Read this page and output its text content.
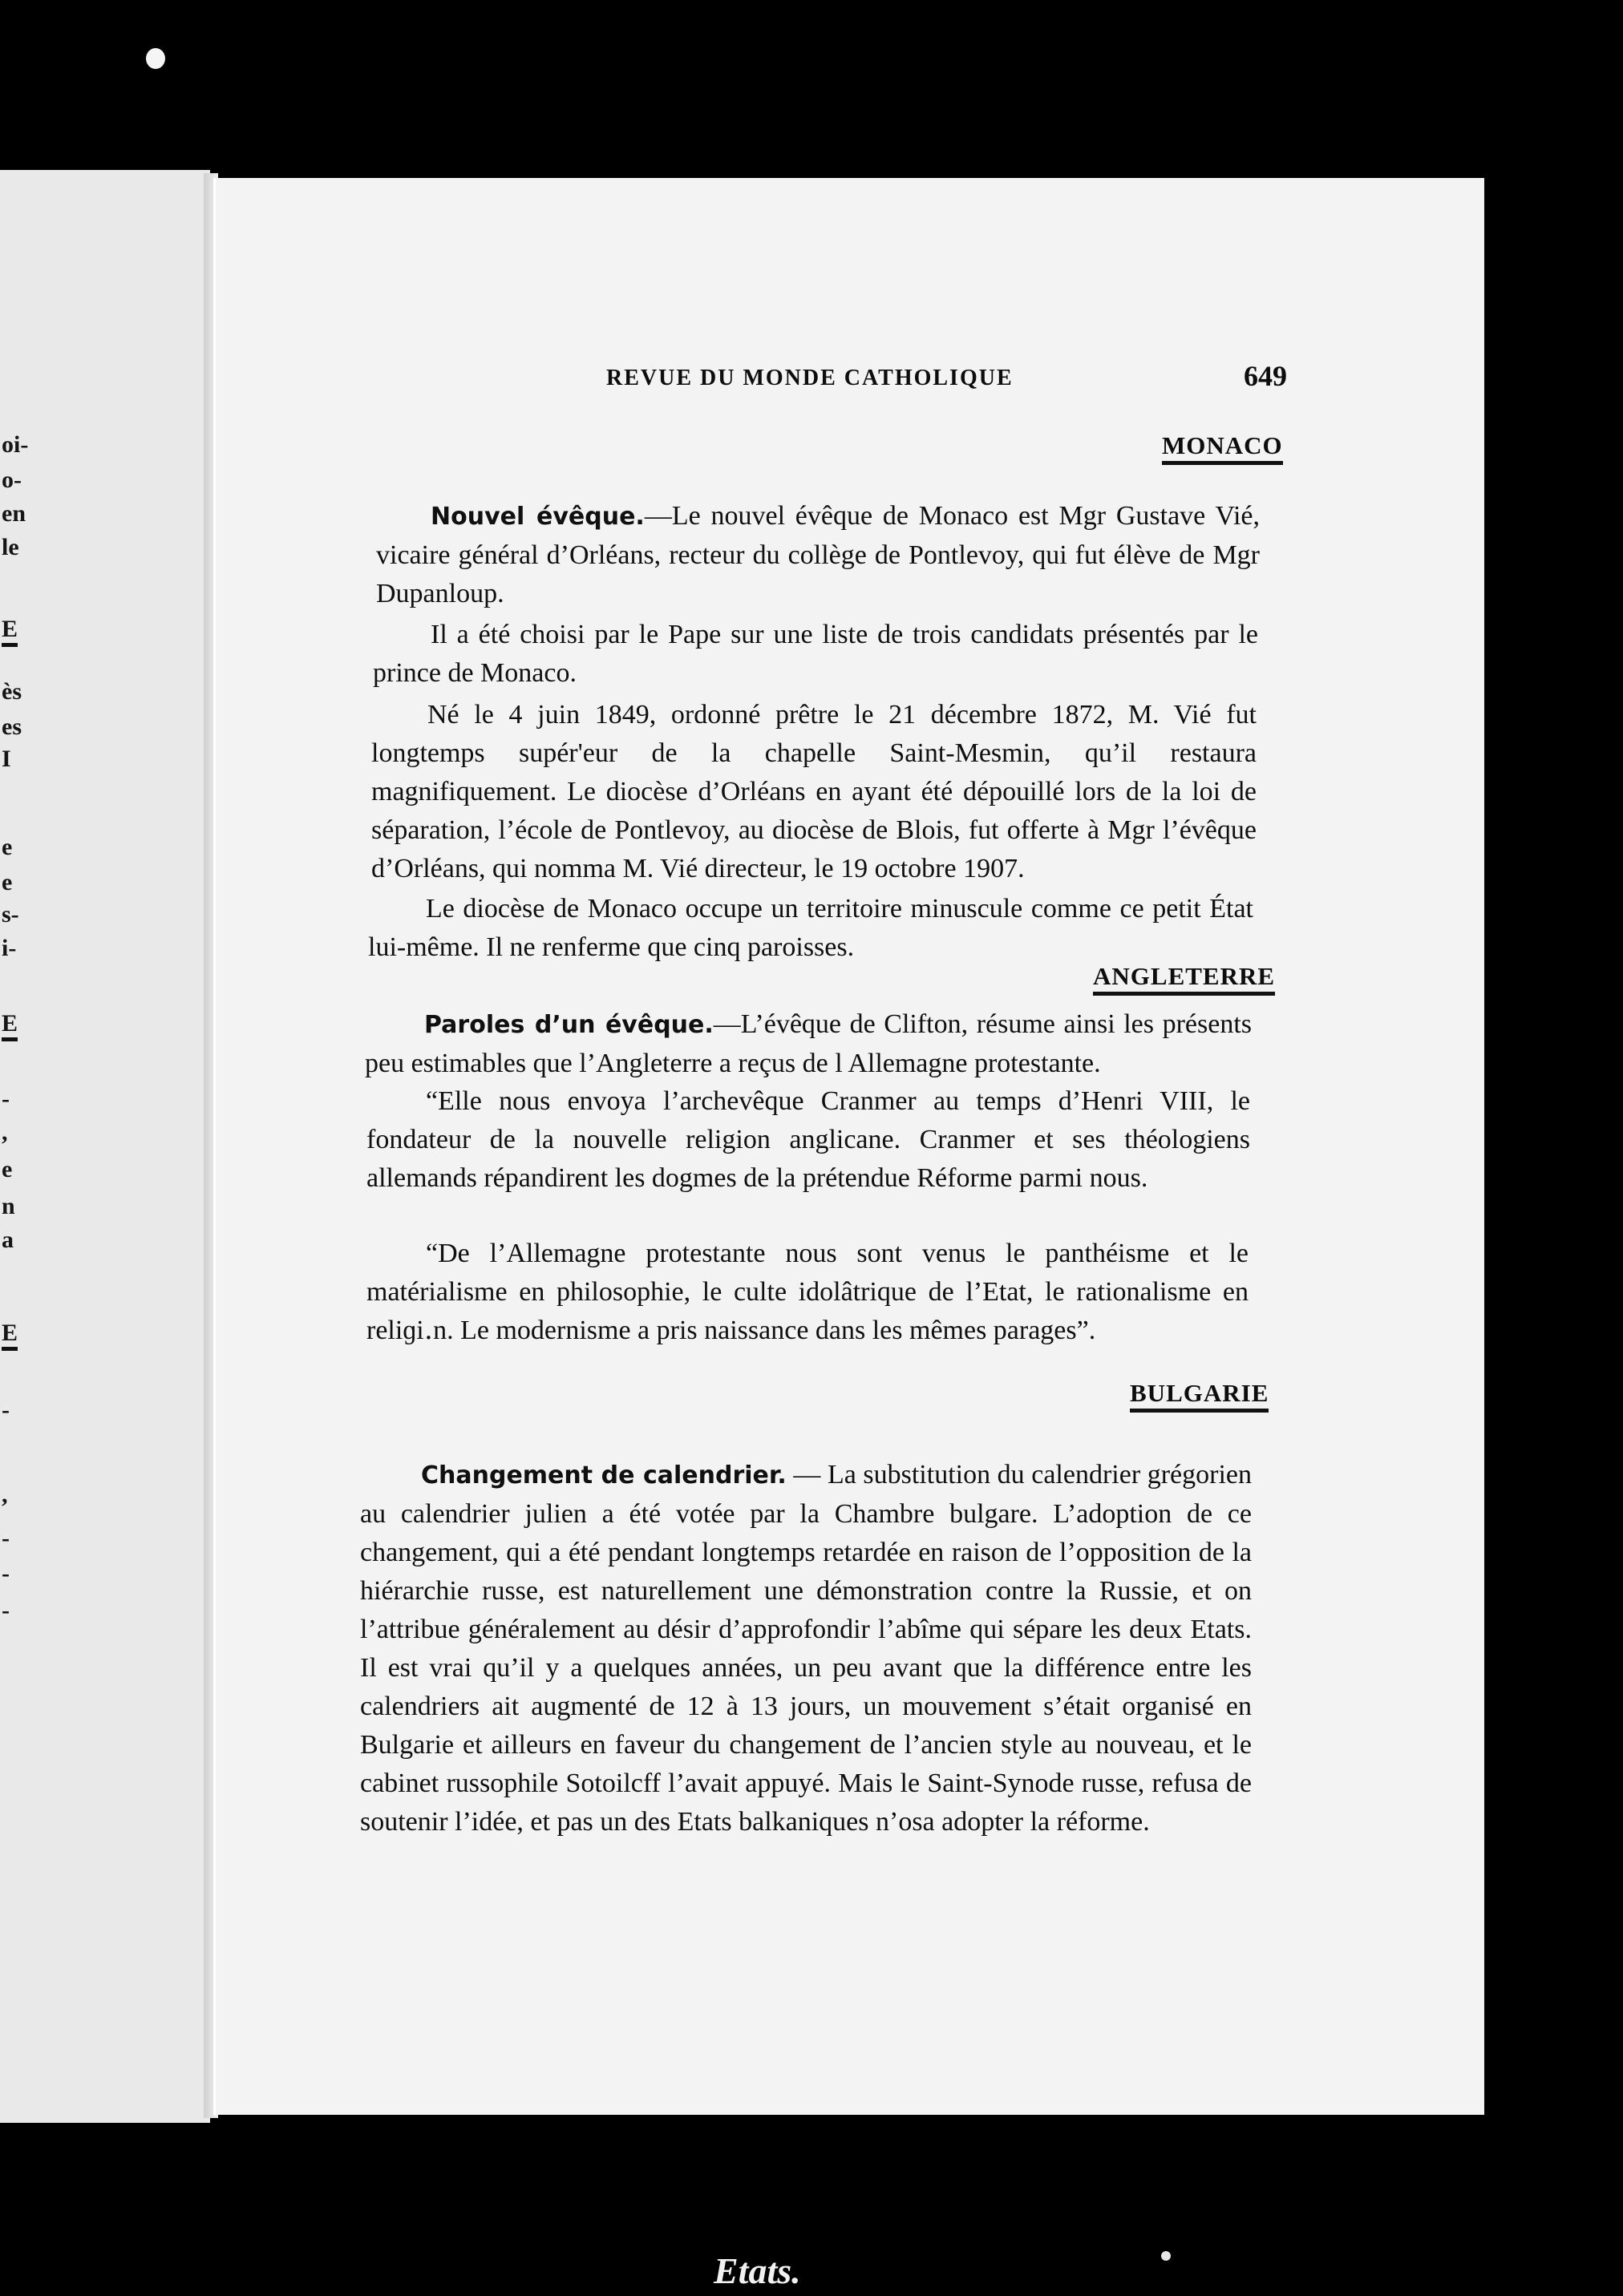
oi-
o-
en
le
E
ès
es
I
e
e
s-
i-
E
-
,
e
n
a
E
-
,
-
-
-
REVUE DU MONDE CATHOLIQUE	649
MONACO

Nouvel évêque.—Le nouvel évêque de Monaco est Mgr Gustave Vié, vicaire général d’Orléans, recteur du collège de Pontlevoy, qui fut élève de Mgr Dupanloup.

Il a été choisi par le Pape sur une liste de trois candidats présentés par le prince de Monaco.

Né le 4 juin 1849, ordonné prêtre le 21 décembre 1872, M. Vié fut longtemps supér'eur de la chapelle Saint-Mesmin, qu’il restaura magnifiquement. Le diocèse d’Orléans en ayant été dépouillé lors de la loi de séparation, l’école de Pontlevoy, au diocèse de Blois, fut offerte à Mgr l’évêque d’Orléans, qui nomma M. Vié directeur, le 19 octobre 1907.

Le diocèse de Monaco occupe un territoire minuscule comme ce petit État lui-même. Il ne renferme que cinq paroisses.

ANGLETERRE

Paroles d’un évêque.—L’évêque de Clifton, résume ainsi les présents peu estimables que l’Angleterre a reçus de l Allemagne protestante.

“Elle nous envoya l’archevêque Cranmer au temps d’Henri VIII, le fondateur de la nouvelle religion anglicane. Cranmer et ses théologiens allemands répandirent les dogmes de la prétendue Réforme parmi nous.

“De l’Allemagne protestante nous sont venus le panthéisme et le matérialisme en philosophie, le culte idolâtrique de l’Etat, le rationalisme en reliɡi․n. Le modernisme a pris naissance dans les mêmes parages”.

BULGARIE

Changement de calendrier. — La substitution du calendrier grégorien au calendrier julien a été votée par la Chambre bulgare. L’adoption de ce changement, qui a été pendant longtemps retardée en raison de l’opposition de la hiérarchie russe, est naturellement une démonstration contre la Russie, et on l’attribue généralement au désir d’approfondir l’abîme qui sépare les deux Etats. Il est vrai qu’il y a quelques années, un peu avant que la différence entre les calendriers ait augmenté de 12 à 13 jours, un mouvement s’était organisé en Bulgarie et ailleurs en faveur du changement de l’ancien style au nouveau, et le cabinet russophile Sotoilcff l’avait appuyé. Mais le Saint-Synode russe, refusa de soutenir l’idée, et pas un des Etats balkaniques n’osa adopter la réforme.

Etats.
